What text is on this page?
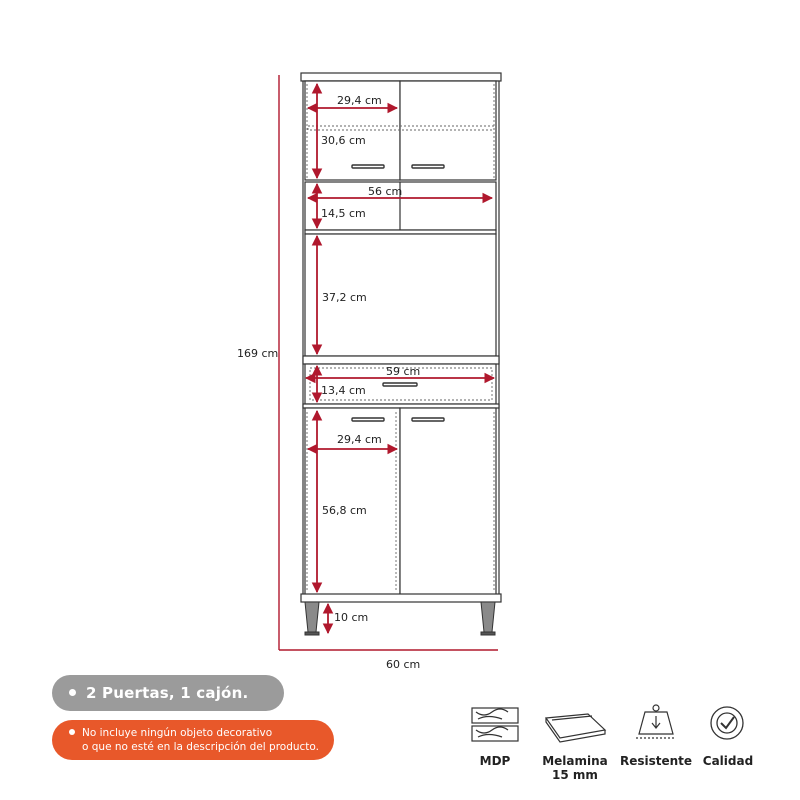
169 cm
60 cm
29,4 cm
30,6 cm
56 cm
14,5 cm
37,2 cm
59 cm
13,4 cm
29,4 cm
56,8 cm
10 cm
2 Puertas, 1 cajón.
No incluye ningún objeto decorativo
o que no esté en la descripción del producto.
MDP	Melamina
15 mm
Resistente Calidad
